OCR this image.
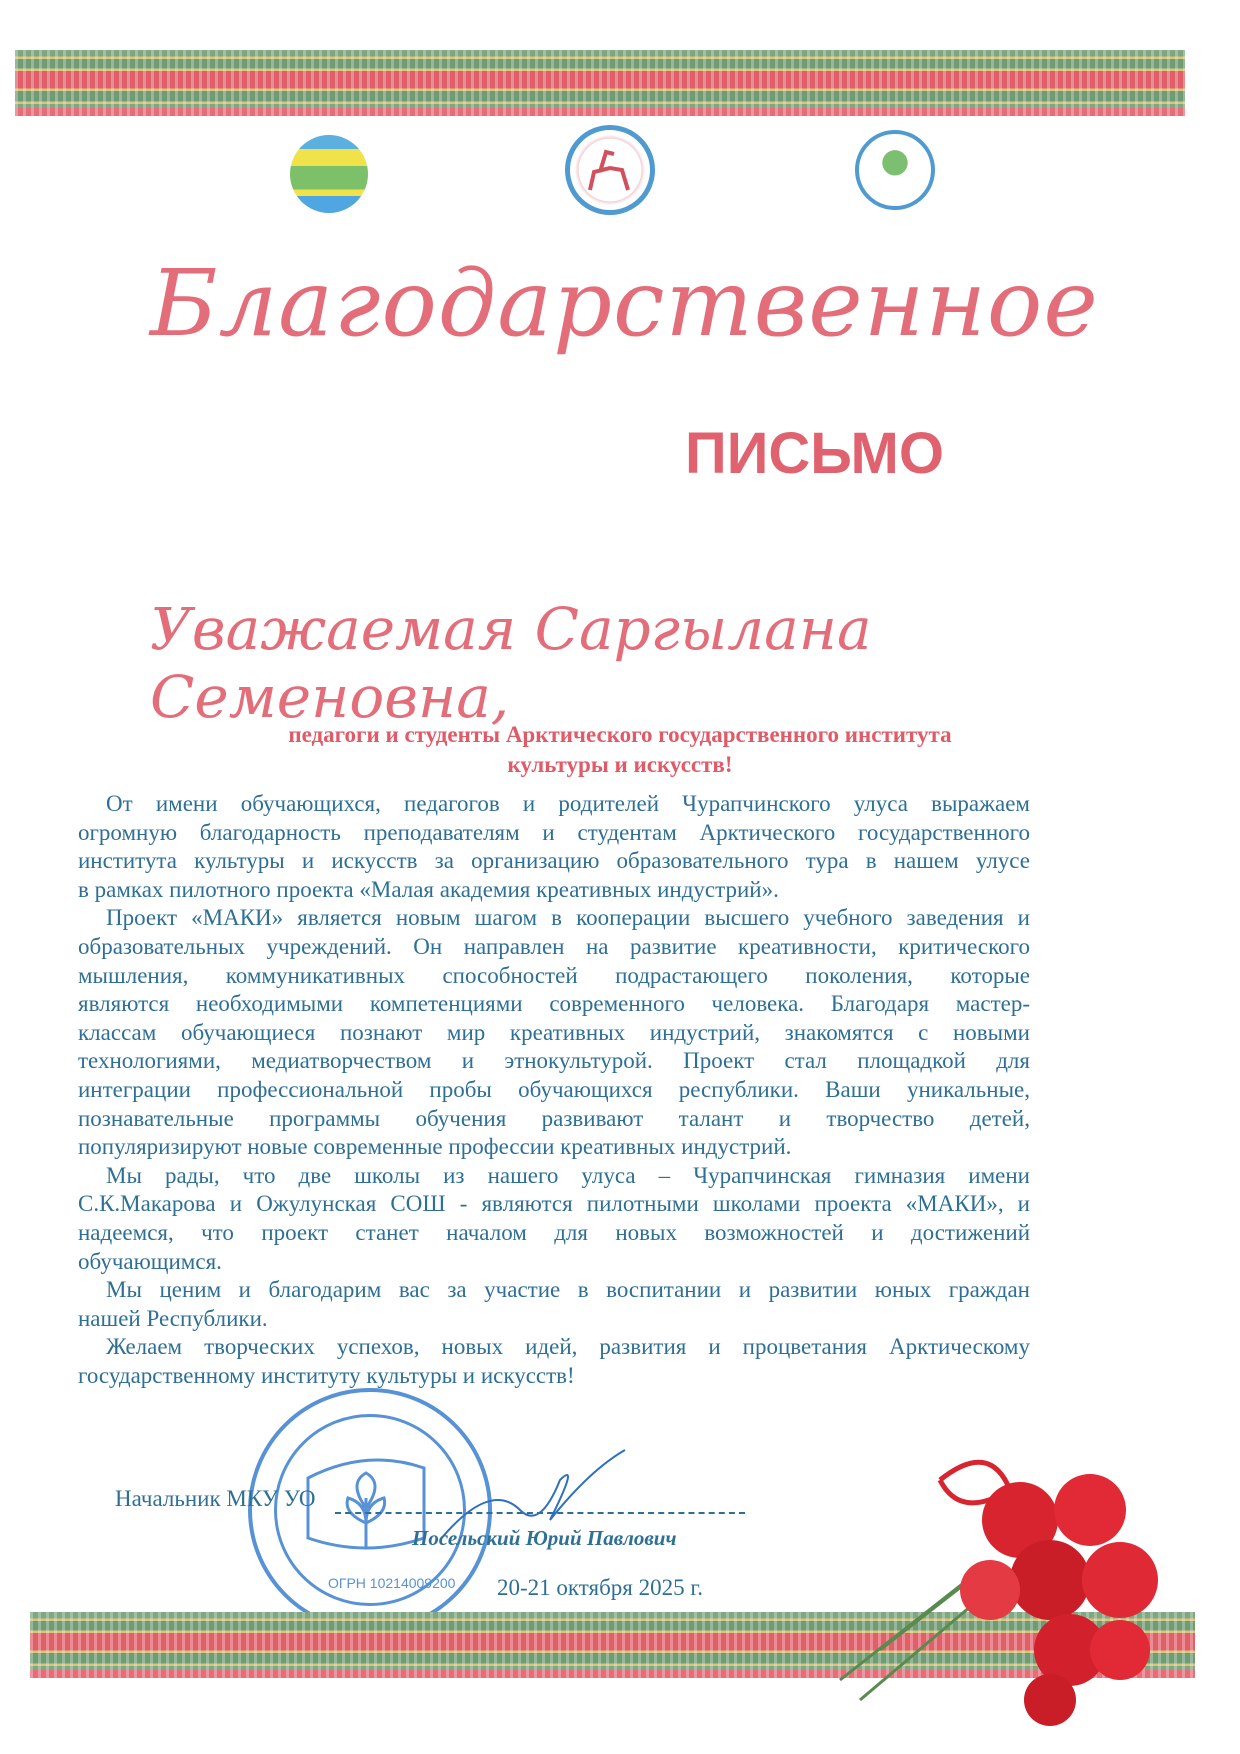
Благодарственное
ПИСЬМО
Уважаемая Саргылана Семеновна,
педагоги и студенты Арктического государственного института
культуры и искусств!
От имени обучающихся, педагогов и родителей Чурапчинского улуса выражаем
огромную благодарность преподавателям и студентам Арктического государственного
института культуры и искусств за организацию образовательного тура в нашем улусе
в рамках пилотного проекта «Малая академия креативных индустрий».
Проект «МАКИ» является новым шагом в кооперации высшего учебного заведения и
образовательных учреждений. Он направлен на развитие креативности, критического
мышления, коммуникативных способностей подрастающего поколения, которые
являются необходимыми компетенциями современного человека. Благодаря мастер-
классам обучающиеся познают мир креативных индустрий, знакомятся с новыми
технологиями, медиатворчеством и этнокультурой. Проект стал площадкой для
интеграции профессиональной пробы обучающихся республики. Ваши уникальные,
познавательные программы обучения развивают талант и творчество детей,
популяризируют новые современные профессии креативных индустрий.
Мы рады, что две школы из нашего улуса – Чурапчинская гимназия имени
С.К.Макарова и Ожулунская СОШ - являются пилотными школами проекта «МАКИ», и
надеемся, что проект станет началом для новых возможностей и достижений
обучающимся.
Мы ценим и благодарим вас за участие в воспитании и развитии юных граждан
нашей Республики.
Желаем творческих успехов, новых идей, развития и процветания Арктическому
государственному институту культуры и искусств!
ОГРН 10214009200
Начальник МКУ УО
Посельский Юрий Павлович
20-21 октября 2025 г.
